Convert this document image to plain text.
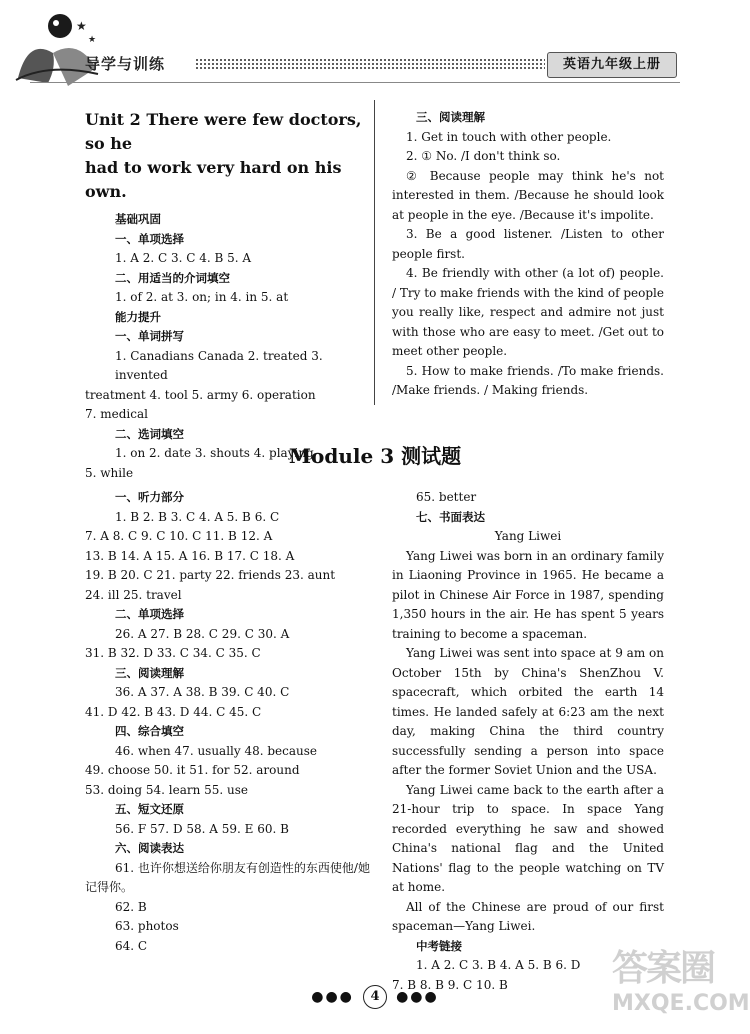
★
★
导学与训练	英语九年级上册

Unit 2 There were few doctors, so he

had to work very hard on his own.

基础巩固

一、单项选择

1. A 2. C 3. C 4. B 5. A

二、用适当的介词填空

1. of 2. at 3. on; in 4. in 5. at

能力提升

一、单词拼写

1. Canadians Canada 2. treated 3. invented

treatment 4. tool 5. army 6. operation

7. medical

二、选词填空

1. on 2. date 3. shouts 4. playing

5. while

三、阅读理解

1. Get in touch with other people.

2. ① No. /I don't think so.

② Because people may think he's not interested in them. /Because he should look at people in the eye. /Because it's impolite.

3. Be a good listener. /Listen to other people first.

4. Be friendly with other (a lot of) people. / Try to make friends with the kind of people you really like, respect and admire not just with those who are easy to meet. /Get out to meet other people.

5. How to make friends. /To make friends. /Make friends. / Making friends.

Module 3 测试题

一、听力部分

1. B 2. B 3. C 4. A 5. B 6. C

7. A 8. C 9. C 10. C 11. B 12. A

13. B 14. A 15. A 16. B 17. C 18. A

19. B 20. C 21. party 22. friends 23. aunt

24. ill 25. travel

二、单项选择

26. A 27. B 28. C 29. C 30. A

31. B 32. D 33. C 34. C 35. C

三、阅读理解

36. A 37. A 38. B 39. C 40. C

41. D 42. B 43. D 44. C 45. C

四、综合填空

46. when 47. usually 48. because

49. choose 50. it 51. for 52. around

53. doing 54. learn 55. use

五、短文还原

56. F 57. D 58. A 59. E 60. B

六、阅读表达

61. 也许你想送给你朋友有创造性的东西使他/她记得你。

62. B

63. photos

64. C

65. better

七、书面表达

Yang Liwei

Yang Liwei was born in an ordinary family in Liaoning Province in 1965. He became a pilot in Chinese Air Force in 1987, spending 1,350 hours in the air. He has spent 5 years training to become a spaceman.

Yang Liwei was sent into space at 9 am on October 15th by China's ShenZhou V. spacecraft, which orbited the earth 14 times. He landed safely at 6:23 am the next day, making China the third country successfully sending a person into space after the former Soviet Union and the USA.

Yang Liwei came back to the earth after a 21-hour trip to space. In space Yang recorded everything he saw and showed China's national flag and the United Nations' flag to the people watching on TV at home.

All of the Chinese are proud of our first spaceman—Yang Liwei.

中考链接

1. A 2. C 3. B 4. A 5. B 6. D

7. B 8. B 9. C 10. B

●●● 4 ●●●
答案圈
MXQE.COM
